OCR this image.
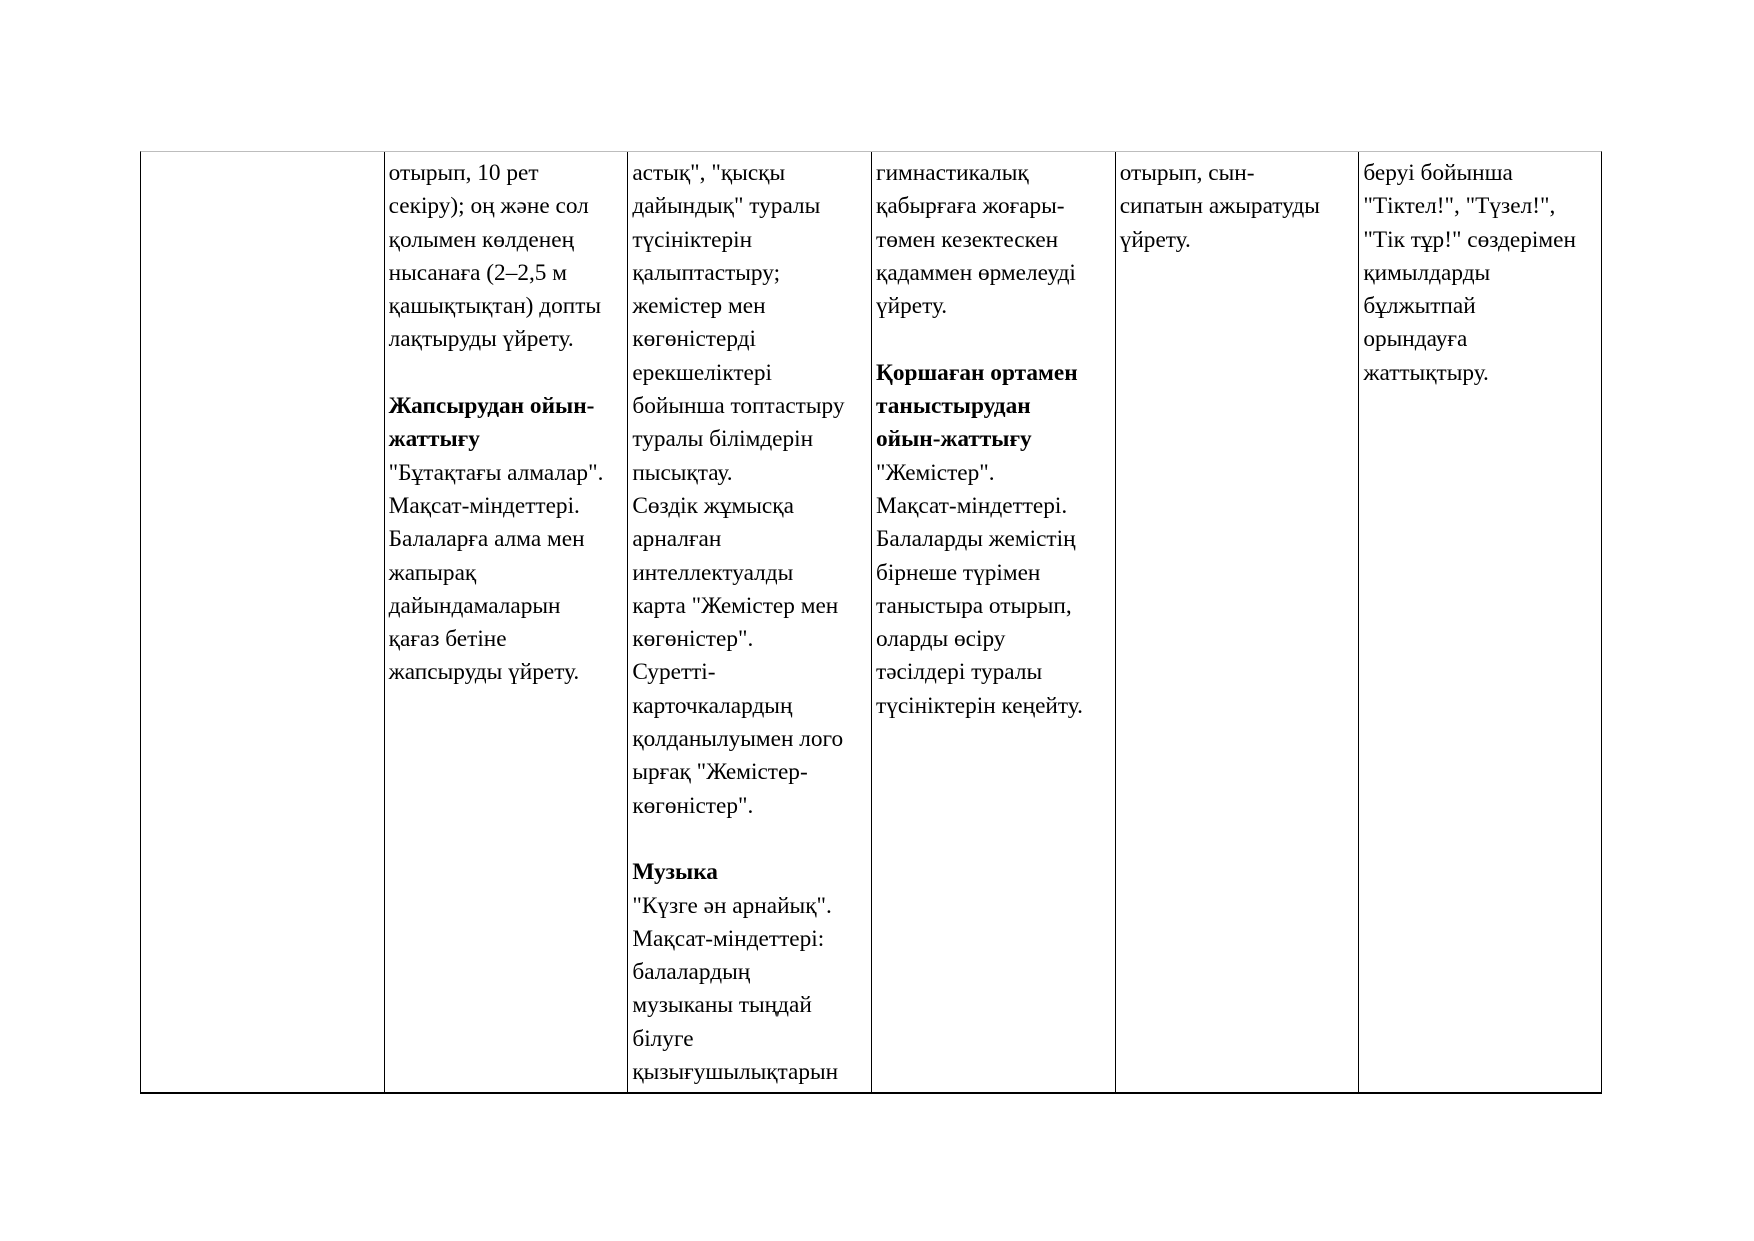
отырып, 10 рет
секіру); оң және сол
қолымен көлденең
нысанаға (2–2,5 м
қашықтықтан) допты
лақтыруды үйрету.
Жапсырудан ойын-
жаттығу
"Бұтақтағы алмалар".
Мақсат-міндеттері.
Балаларға алма мен
жапырақ
дайындамаларын
қағаз бетіне
жапсыруды үйрету.
астық", "қысқы
дайындық" туралы
түсініктерін
қалыптастыру;
жемістер мен
көгөністерді
ерекшеліктері
бойынша топтастыру
туралы білімдерін
пысықтау.
Сөздік жұмысқа
арналған
интеллектуалды
карта "Жемістер мен
көгөністер".
Суретті-
карточкалардың
қолданылуымен лого
ырғақ "Жемістер-
көгөністер".
Музыка
"Күзге ән арнайық".
Мақсат-міндеттері:
балалардың
музыканы тыңдай
білуге
қызығушылықтарын
гимнастикалық
қабырғаға жоғары-
төмен кезектескен
қадаммен өрмелеуді
үйрету.
Қоршаған ортамен
таныстырудан
ойын-жаттығу
"Жемістер".
Мақсат-міндеттері.
Балаларды жемістің
бірнеше түрімен
таныстыра отырып,
оларды өсіру
тәсілдері туралы
түсініктерін кеңейту.
отырып, сын-
сипатын ажыратуды
үйрету.
беруі бойынша
"Тіктел!", "Түзел!",
"Тік тұр!" сөздерімен
қимылдарды
бұлжытпай
орындауға
жаттықтыру.
